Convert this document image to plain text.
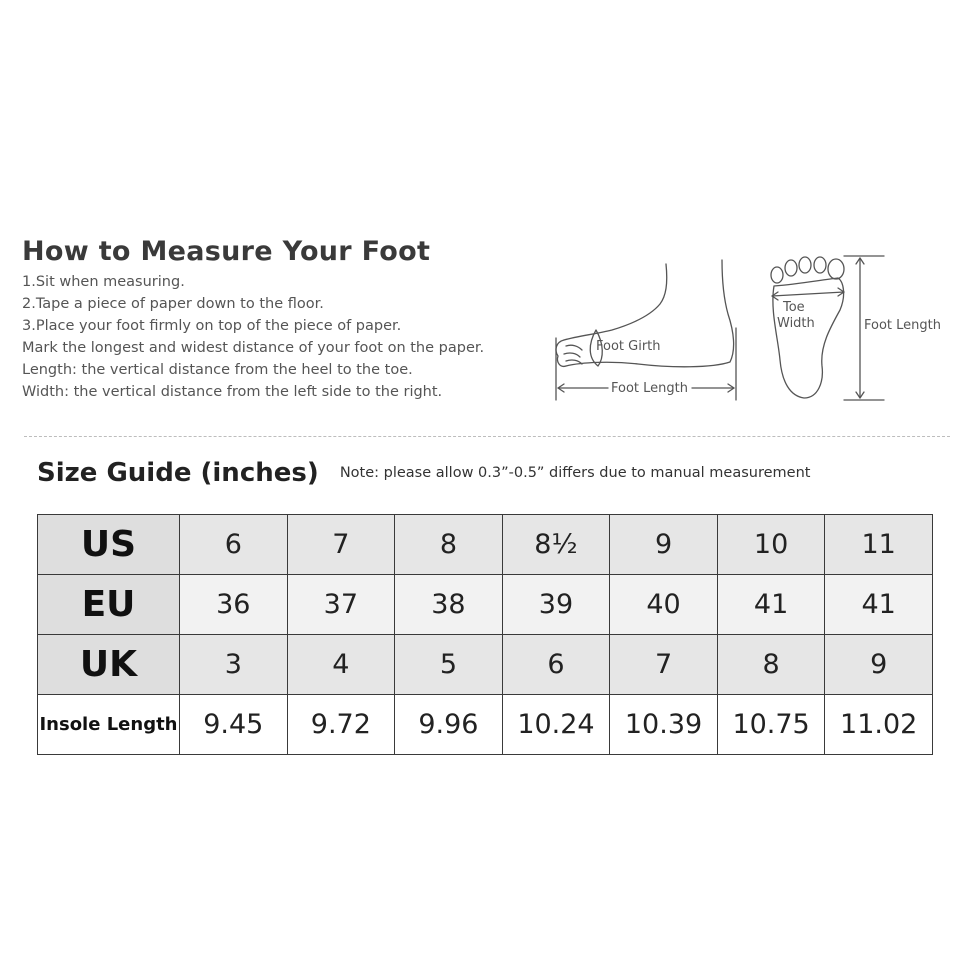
How to Measure Your Foot
1.Sit when measuring.
2.Tape a piece of paper down to the floor.
3.Place your foot firmly on top of the piece of paper.
Mark the longest and widest distance of your foot on the paper.
Length: the vertical distance from the heel to the toe.
Width: the vertical distance from the left side to the right.
Foot Girth
Foot Length
Toe
Width	Foot Length
Size Guide (inches) Note: please allow 0.3”-0.5” differs due to manual measurement
US	6	7	8	8½	9	10	11
EU	36	37	38	39	40	41	41
UK	3	4	5	6	7	8	9
Insole Length	9.45	9.72	9.96	10.24	10.39	10.75	11.02
